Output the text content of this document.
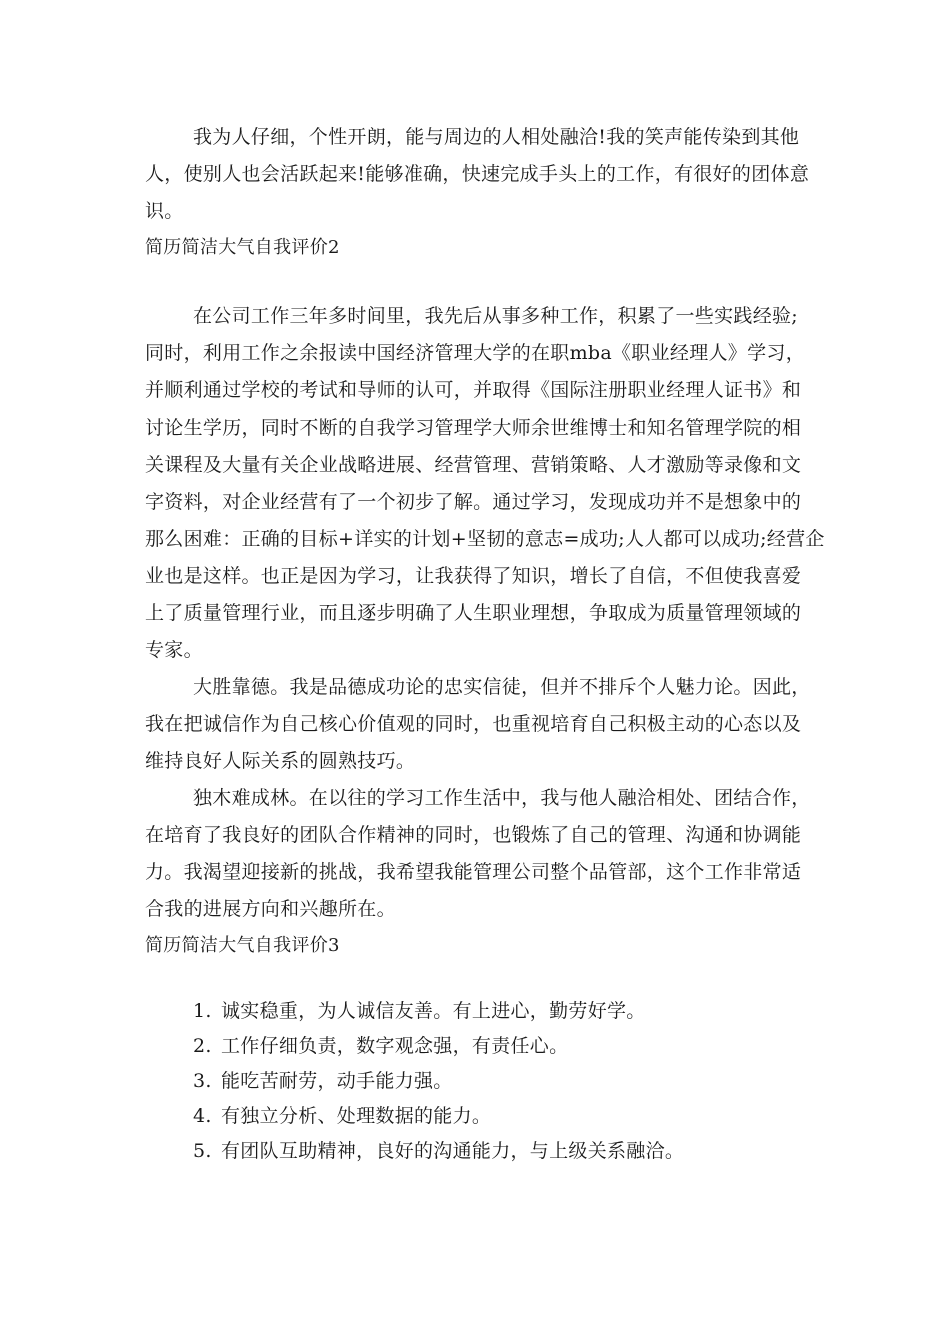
我为人仔细，个性开朗，能与周边的人相处融洽!我的笑声能传染到其他
人，使别人也会活跃起来!能够准确，快速完成手头上的工作，有很好的团体意
识。
简历简洁大气自我评价2
在公司工作三年多时间里，我先后从事多种工作，积累了一些实践经验;
同时，利用工作之余报读中国经济管理大学的在职mba《职业经理人》学习，
并顺利通过学校的考试和导师的认可，并取得《国际注册职业经理人证书》和
讨论生学历，同时不断的自我学习管理学大师余世维博士和知名管理学院的相
关课程及大量有关企业战略进展、经营管理、营销策略、人才激励等录像和文
字资料，对企业经营有了一个初步了解。通过学习，发现成功并不是想象中的
那么困难：正确的目标+详实的计划+坚韧的意志=成功;人人都可以成功;经营企
业也是这样。也正是因为学习，让我获得了知识，增长了自信，不但使我喜爱
上了质量管理行业，而且逐步明确了人生职业理想，争取成为质量管理领域的
专家。
大胜靠德。我是品德成功论的忠实信徒，但并不排斥个人魅力论。因此，
我在把诚信作为自己核心价值观的同时，也重视培育自己积极主动的心态以及
维持良好人际关系的圆熟技巧。
独木难成林。在以往的学习工作生活中，我与他人融洽相处、团结合作，
在培育了我良好的团队合作精神的同时，也锻炼了自己的管理、沟通和协调能
力。我渴望迎接新的挑战，我希望我能管理公司整个品管部，这个工作非常适
合我的进展方向和兴趣所在。
简历简洁大气自我评价3
1. 诚实稳重，为人诚信友善。有上进心，勤劳好学。
2. 工作仔细负责，数字观念强，有责任心。
3. 能吃苦耐劳，动手能力强。
4. 有独立分析、处理数据的能力。
5. 有团队互助精神，良好的沟通能力，与上级关系融洽。
